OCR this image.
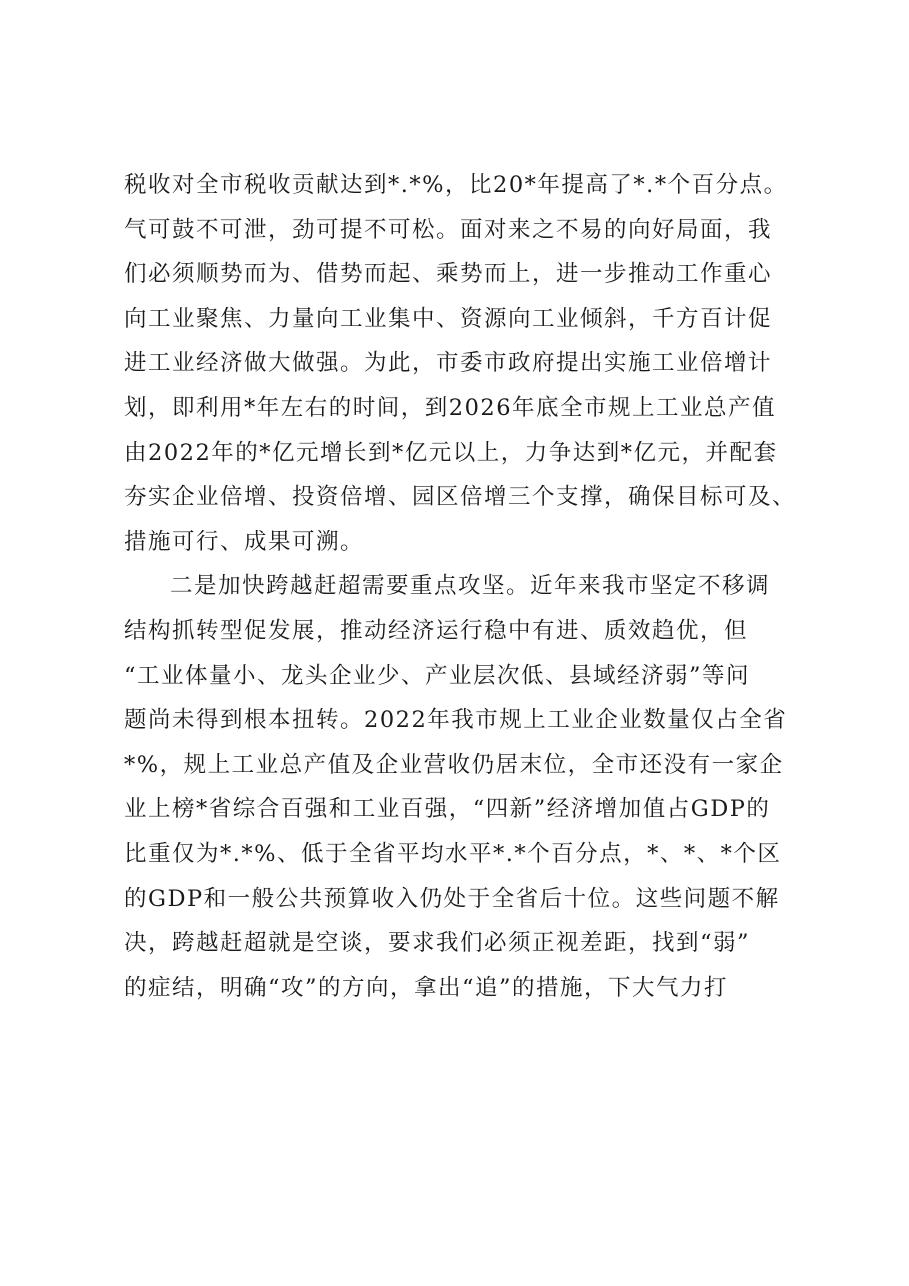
税收对全市税收贡献达到*.*%，比20*年提高了*.*个百分点。
气可鼓不可泄，劲可提不可松。面对来之不易的向好局面，我
们必须顺势而为、借势而起、乘势而上，进一步推动工作重心
向工业聚焦、力量向工业集中、资源向工业倾斜，千方百计促
进工业经济做大做强。为此，市委市政府提出实施工业倍增计
划，即利用*年左右的时间，到2026年底全市规上工业总产值
由2022年的*亿元增长到*亿元以上，力争达到*亿元，并配套
夯实企业倍增、投资倍增、园区倍增三个支撑，确保目标可及、
措施可行、成果可溯。
二是加快跨越赶超需要重点攻坚。近年来我市坚定不移调
结构抓转型促发展，推动经济运行稳中有进、质效趋优，但
“工业体量小、龙头企业少、产业层次低、县域经济弱”等问
题尚未得到根本扭转。2022年我市规上工业企业数量仅占全省
*%，规上工业总产值及企业营收仍居末位，全市还没有一家企
业上榜*省综合百强和工业百强，“四新”经济增加值占GDP的
比重仅为*.*%、低于全省平均水平*.*个百分点，*、*、*个区
的GDP和一般公共预算收入仍处于全省后十位。这些问题不解
决，跨越赶超就是空谈，要求我们必须正视差距，找到“弱”
的症结，明确“攻”的方向，拿出“追”的措施，下大气力打
